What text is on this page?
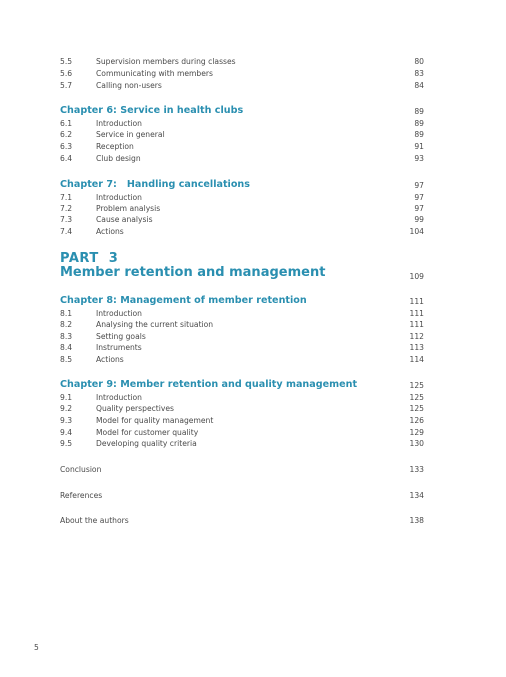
5.5	Supervision members during classes	80
5.6	Communicating with members	83
5.7	Calling non-users	84
Chapter 6: Service in health clubs	89
6.1	Introduction	89
6.2	Service in general	89
6.3	Reception	91
6.4	Club design	93
Chapter 7:   Handling cancellations	97
7.1	Introduction	97
7.2	Problem analysis	97
7.3	Cause analysis	99
7.4	Actions	104
PART  3
Member retention and management	109
Chapter 8: Management of member retention	111
8.1	Introduction	111
8.2	Analysing the current situation	111
8.3	Setting goals	112
8.4	Instruments	113
8.5	Actions	114
Chapter 9: Member retention and quality management	125
9.1	Introduction	125
9.2	Quality perspectives	125
9.3	Model for quality management	126
9.4	Model for customer quality	129
9.5	Developing quality criteria	130
Conclusion	133
References	134
About the authors	138
5
